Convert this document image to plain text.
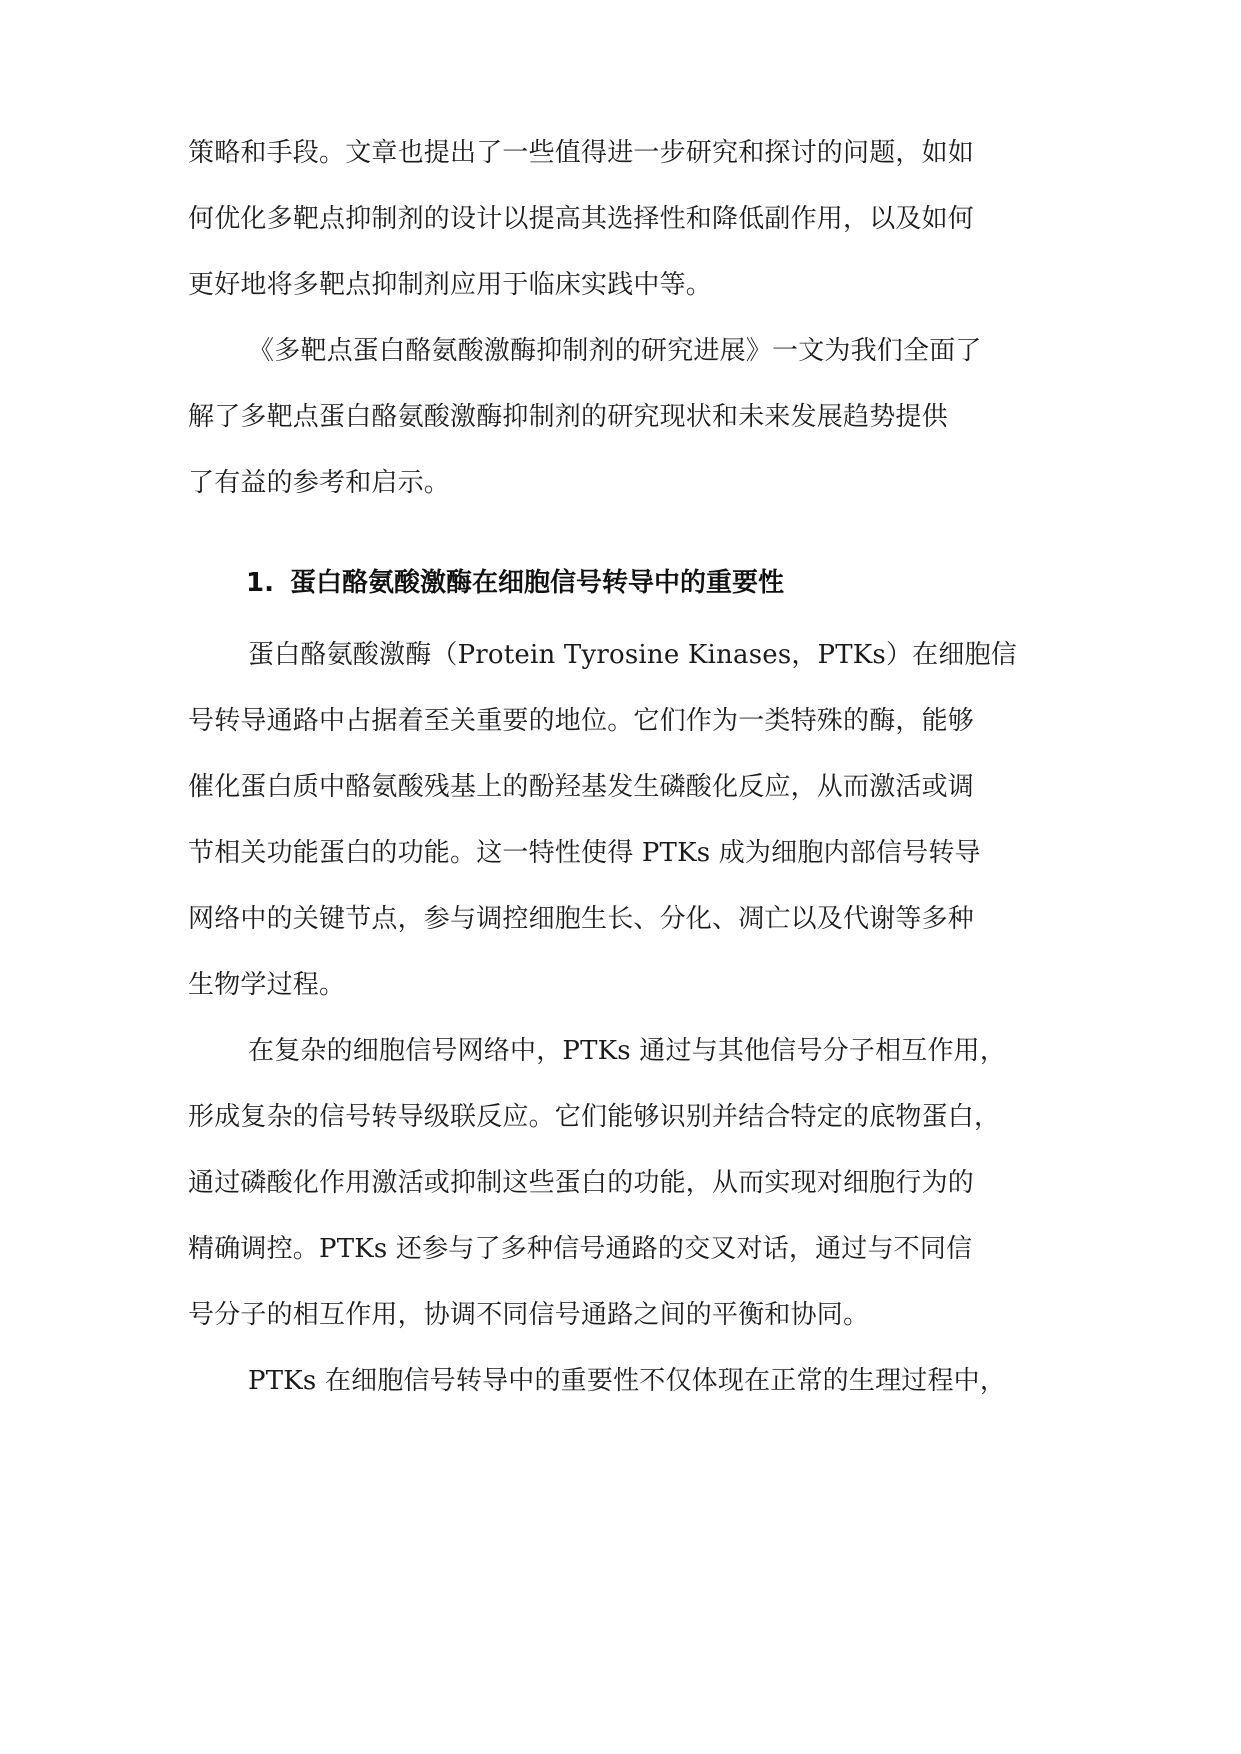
策略和手段。文章也提出了一些值得进一步研究和探讨的问题，如如
何优化多靶点抑制剂的设计以提高其选择性和降低副作用，以及如何
更好地将多靶点抑制剂应用于临床实践中等。
《多靶点蛋白酪氨酸激酶抑制剂的研究进展》一文为我们全面了
解了多靶点蛋白酪氨酸激酶抑制剂的研究现状和未来发展趋势提供
了有益的参考和启示。
1. 蛋白酪氨酸激酶在细胞信号转导中的重要性
蛋白酪氨酸激酶（Protein Tyrosine Kinases，PTKs）在细胞信
号转导通路中占据着至关重要的地位。它们作为一类特殊的酶，能够
催化蛋白质中酪氨酸残基上的酚羟基发生磷酸化反应，从而激活或调
节相关功能蛋白的功能。这一特性使得 PTKs 成为细胞内部信号转导
网络中的关键节点，参与调控细胞生长、分化、凋亡以及代谢等多种
生物学过程。
在复杂的细胞信号网络中，PTKs 通过与其他信号分子相互作用，
形成复杂的信号转导级联反应。它们能够识别并结合特定的底物蛋白，
通过磷酸化作用激活或抑制这些蛋白的功能，从而实现对细胞行为的
精确调控。PTKs 还参与了多种信号通路的交叉对话，通过与不同信
号分子的相互作用，协调不同信号通路之间的平衡和协同。
PTKs 在细胞信号转导中的重要性不仅体现在正常的生理过程中，
